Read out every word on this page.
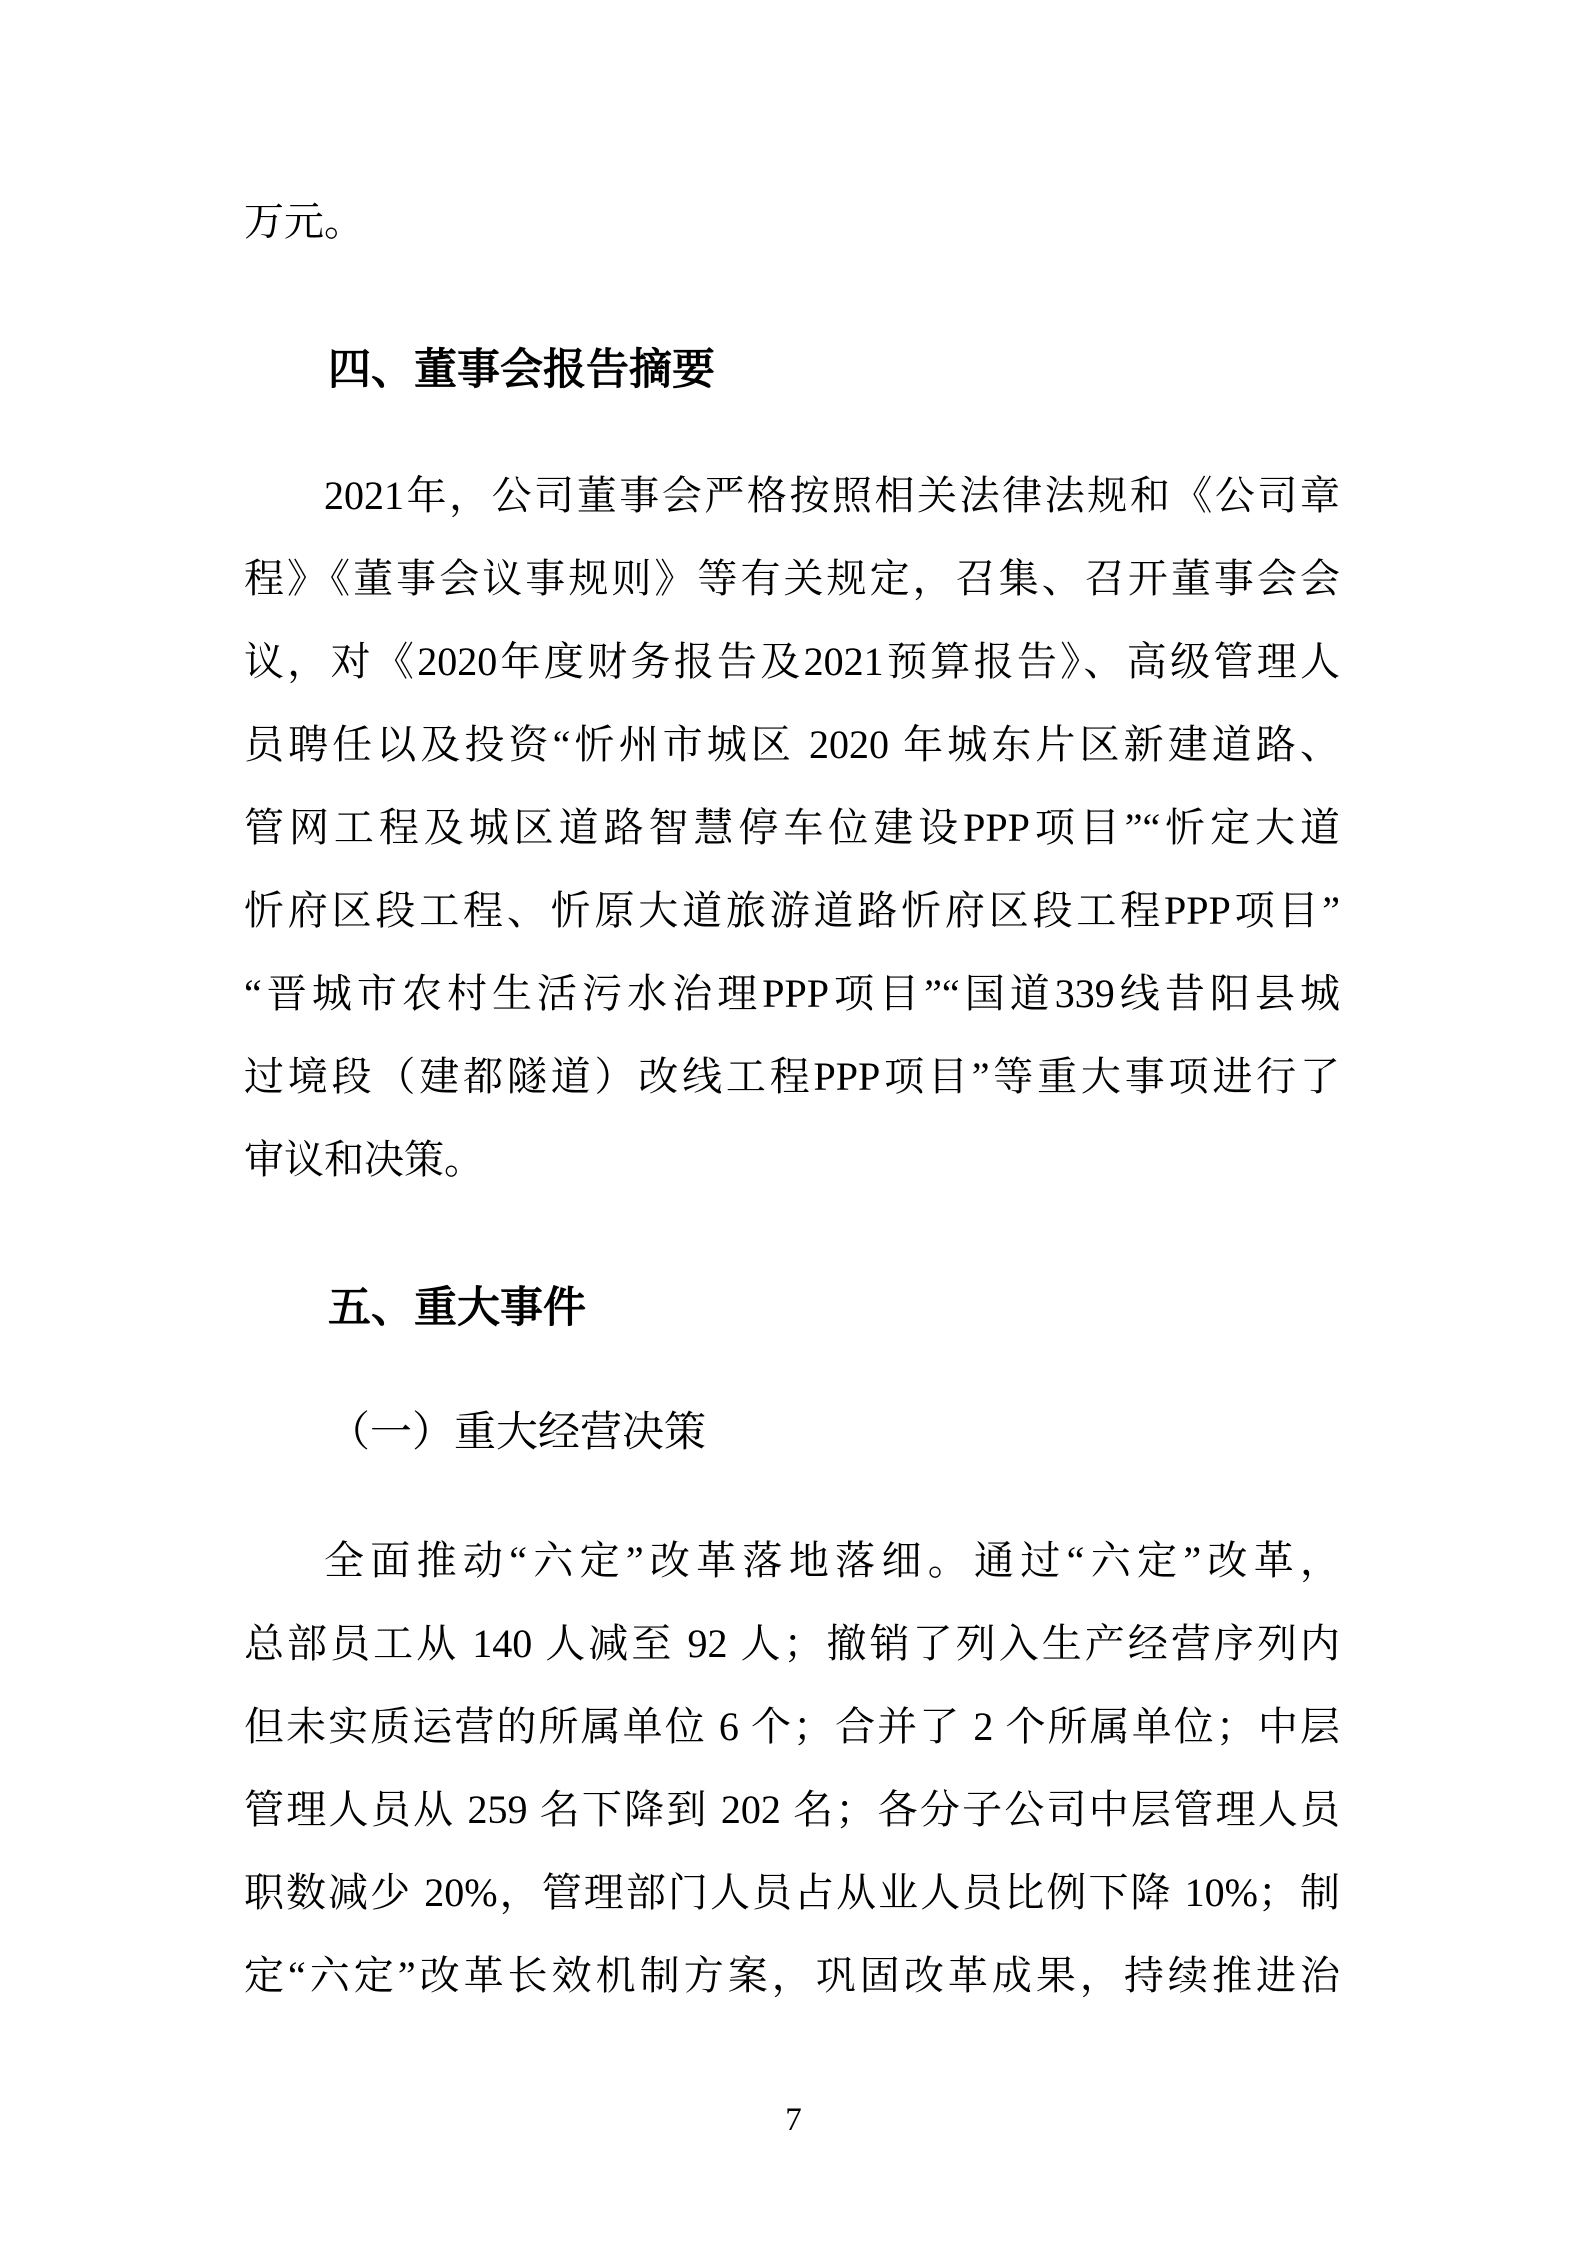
万元。
四、董事会报告摘要
2021年，公司董事会严格按照相关法律法规和《公司章
程》《董事会议事规则》等有关规定，召集、召开董事会会
议，对《2020年度财务报告及2021预算报告》、高级管理人
员聘任以及投资“忻州市城区 2020 年城东片区新建道路、
管网工程及城区道路智慧停车位建设PPP项目”“忻定大道
忻府区段工程、忻原大道旅游道路忻府区段工程PPP项目”
“晋城市农村生活污水治理PPP项目”“国道339线昔阳县城
过境段（建都隧道）改线工程PPP项目”等重大事项进行了
审议和决策。
五、重大事件
（一）重大经营决策
全面推动“六定”改革落地落细。通过“六定”改革，
总部员工从 140 人减至 92 人；撤销了列入生产经营序列内
但未实质运营的所属单位 6 个；合并了 2 个所属单位；中层
管理人员从 259 名下降到 202 名；各分子公司中层管理人员
职数减少 20%，管理部门人员占从业人员比例下降 10%；制
定“六定”改革长效机制方案，巩固改革成果，持续推进治
7
